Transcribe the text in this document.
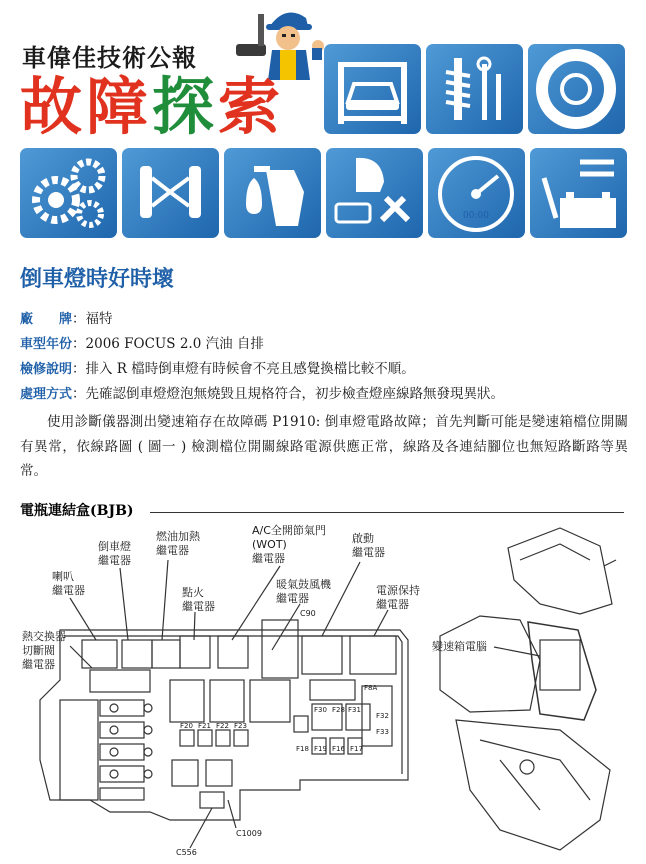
車偉佳技術公報
故障探索
00:00
倒車燈時好時壞
廠　　牌：福特
車型年份：2006 FOCUS 2.0 汽油 自排
檢修說明：排入 R 檔時倒車燈有時候會不亮且感覺換檔比較不順。
處理方式：先確認倒車燈燈泡無燒毀且規格符合，初步檢查燈座線路無發現異狀。
使用診斷儀器測出變速箱存在故障碼 P1910: 倒車燈電路故障；首先判斷可能是變速箱檔位開關有異常，依線路圖 ( 圖一 ) 檢測檔位開關線路電源供應正常，線路及各連結腳位也無短路斷路等異常。
電瓶連結盒(BJB)
喇叭
繼電器
倒車燈
繼電器
燃油加熱
繼電器
A/C全開節氣門
(WOT)
繼電器
啟動
繼電器
點火
繼電器
暖氣鼓風機
繼電器
電源保持
繼電器
熱交換器
切斷閥
繼電器
變速箱電腦
C90
C1009
C556
F8A
F30 F28 F31
F32
F33
F20 F21 F22 F23
F18 F19 F16 F17
